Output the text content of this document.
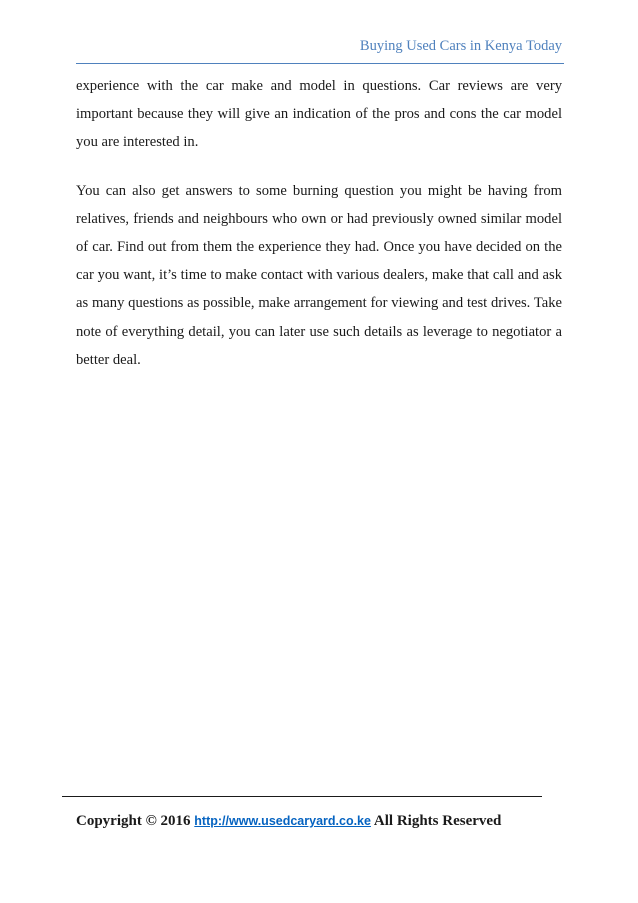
Buying Used Cars in Kenya Today

experience with the car make and model in questions. Car reviews are very important because they will give an indication of the pros and cons the car model you are interested in.

You can also get answers to some burning question you might be having from relatives, friends and neighbours who own or had previously owned similar model of car. Find out from them the experience they had. Once you have decided on the car you want, it’s time to make contact with various dealers, make that call and ask as many questions as possible, make arrangement for viewing and test drives. Take note of everything detail, you can later use such details as leverage to negotiator a better deal.

Copyright © 2016 http://www.usedcaryard.co.ke All Rights Reserved
